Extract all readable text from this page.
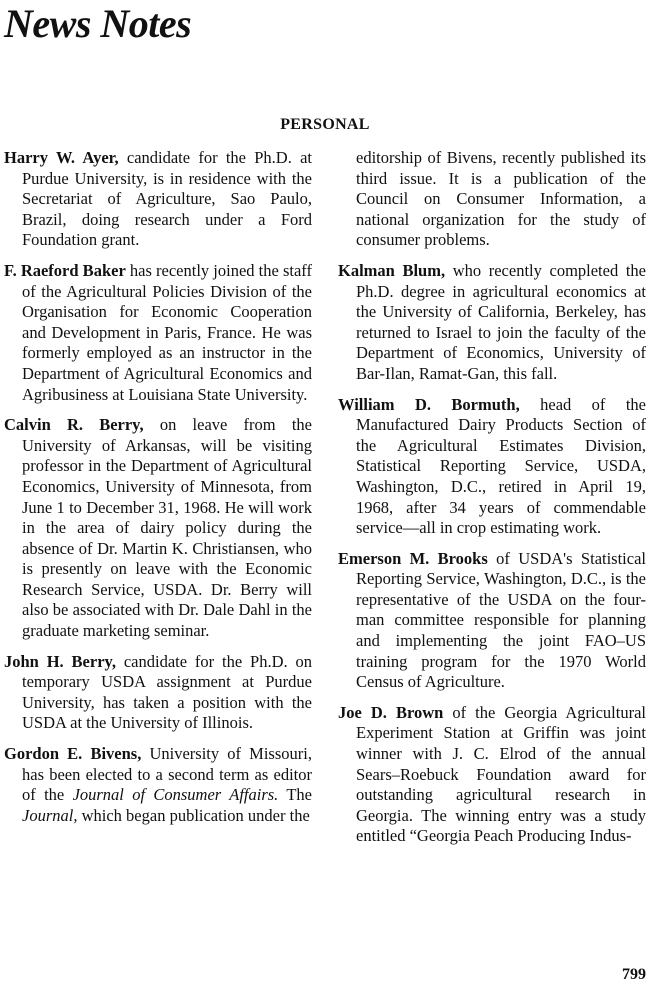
News Notes
PERSONAL

Harry W. Ayer, candidate for the Ph.D. at Purdue University, is in residence with the Secretariat of Agriculture, Sao Paulo, Brazil, doing research under a Ford Foundation grant.

F. Raeford Baker has recently joined the staff of the Agricultural Policies Division of the Organisation for Economic Cooperation and Development in Paris, France. He was formerly employed as an instructor in the Department of Agricultural Economics and Agribusiness at Louisiana State University.

Calvin R. Berry, on leave from the University of Arkansas, will be visiting professor in the Department of Agricultural Economics, University of Minnesota, from June 1 to December 31, 1968. He will work in the area of dairy policy during the absence of Dr. Martin K. Christiansen, who is presently on leave with the Economic Research Service, USDA. Dr. Berry will also be associated with Dr. Dale Dahl in the graduate marketing seminar.

John H. Berry, candidate for the Ph.D. on temporary USDA assignment at Purdue University, has taken a position with the USDA at the University of Illinois.

Gordon E. Bivens, University of Missouri, has been elected to a second term as editor of the Journal of Consumer Affairs. The Journal, which began publication under the

editorship of Bivens, recently published its third issue. It is a publication of the Council on Consumer Information, a national organization for the study of consumer problems.

Kalman Blum, who recently completed the Ph.D. degree in agricultural economics at the University of California, Berkeley, has returned to Israel to join the faculty of the Department of Economics, University of Bar-Ilan, Ramat-Gan, this fall.

William D. Bormuth, head of the Manufactured Dairy Products Section of the Agricultural Estimates Division, Statistical Reporting Service, USDA, Washington, D.C., retired in April 19, 1968, after 34 years of commendable service—all in crop estimating work.

Emerson M. Brooks of USDA's Statistical Reporting Service, Washington, D.C., is the representative of the USDA on the four-man committee responsible for planning and implementing the joint FAO–US training program for the 1970 World Census of Agriculture.

Joe D. Brown of the Georgia Agricultural Experiment Station at Griffin was joint winner with J. C. Elrod of the annual Sears–Roebuck Foundation award for outstanding agricultural research in Georgia. The winning entry was a study entitled “Georgia Peach Producing Indus-

799
